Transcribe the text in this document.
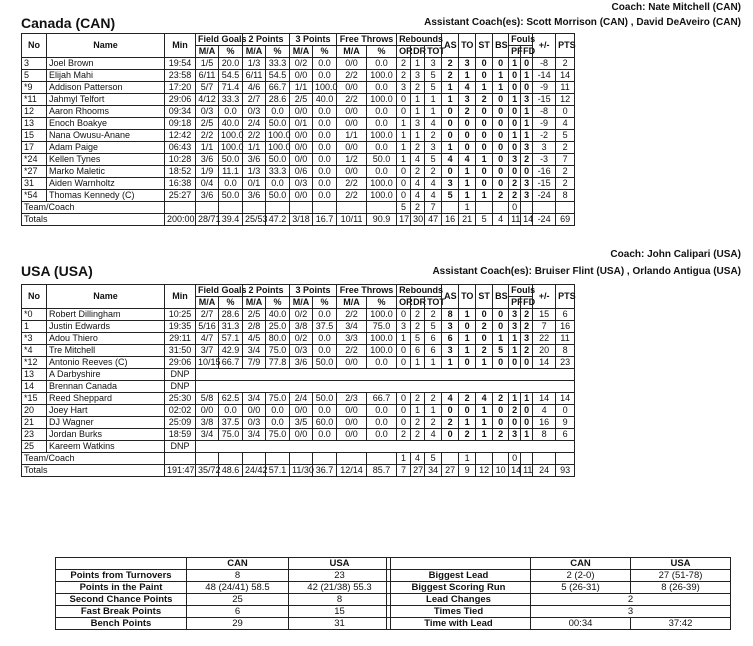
Canada (CAN)
Coach: Nate Mitchell (CAN)
Assistant Coach(es): Scott Morrison (CAN) , David DeAveiro (CAN)
No	Name	Min	Field Goals		2 Points		3 Points		Free Throws		Rebounds			AS	TO	ST	BS	Fouls		+/-	PTS
			M/A	%	M/A	%	M/A	%	M/A	%	OR	DR	TOT					PF	FD		
3	Joel Brown	19:54	1/5	20.0	1/3	33.3	0/2	0.0	0/0	0.0	2	1	3	2	3	0	0	1	0	-8	2
5	Elijah Mahi	23:58	6/11	54.5	6/11	54.5	0/0	0.0	2/2	100.0	2	3	5	2	1	0	1	0	1	-14	14
*9	Addison Patterson	17:20	5/7	71.4	4/6	66.7	1/1	100.0	0/0	0.0	3	2	5	1	4	1	1	0	0	-9	11
*11	Jahmyl Telfort	29:06	4/12	33.3	2/7	28.6	2/5	40.0	2/2	100.0	0	1	1	1	3	2	0	1	3	-15	12
12	Aaron Rhooms	09:34	0/3	0.0	0/3	0.0	0/0	0.0	0/0	0.0	0	1	1	0	2	0	0	0	1	-8	0
13	Enoch Boakye	09:18	2/5	40.0	2/4	50.0	0/1	0.0	0/0	0.0	1	3	4	0	0	0	0	0	1	-9	4
15	Nana Owusu-Anane	12:42	2/2	100.0	2/2	100.0	0/0	0.0	1/1	100.0	1	1	2	0	0	0	0	1	1	-2	5
17	Adam Paige	06:43	1/1	100.0	1/1	100.0	0/0	0.0	0/0	0.0	1	2	3	1	0	0	0	0	3	3	2
*24	Kellen Tynes	10:28	3/6	50.0	3/6	50.0	0/0	0.0	1/2	50.0	1	4	5	4	4	1	0	3	2	-3	7
*27	Marko Maletic	18:52	1/9	11.1	1/3	33.3	0/6	0.0	0/0	0.0	0	2	2	0	1	0	0	0	0	-16	2
31	Aiden Warnholtz	16:38	0/4	0.0	0/1	0.0	0/3	0.0	2/2	100.0	0	4	4	3	1	0	0	2	3	-15	2
*54	Thomas Kennedy (C)	25:27	3/6	50.0	3/6	50.0	0/0	0.0	2/2	100.0	0	4	4	5	1	1	2	2	3	-24	8
Team/Coach											5	2	7		1			0			
Totals		200:00	28/71	39.4	25/53	47.2	3/18	16.7	10/11	90.9	17	30	47	16	21	5	4	11	14	-24	69
USA (USA)
Coach: John Calipari (USA)
Assistant Coach(es): Bruiser Flint (USA) , Orlando Antigua (USA)
No	Name	Min	Field Goals		2 Points		3 Points		Free Throws		Rebounds			AS	TO	ST	BS	Fouls		+/-	PTS
			M/A	%	M/A	%	M/A	%	M/A	%	OR	DR	TOT					PF	FD		
*0	Robert Dillingham	10:25	2/7	28.6	2/5	40.0	0/2	0.0	2/2	100.0	0	2	2	8	1	0	0	3	2	15	6
1	Justin Edwards	19:35	5/16	31.3	2/8	25.0	3/8	37.5	3/4	75.0	3	2	5	3	0	2	0	3	2	7	16
*3	Adou Thiero	29:11	4/7	57.1	4/5	80.0	0/2	0.0	3/3	100.0	1	5	6	6	1	0	1	1	3	22	11
*4	Tre Mitchell	31:50	3/7	42.9	3/4	75.0	0/3	0.0	2/2	100.0	0	6	6	3	1	2	5	1	2	20	8
*12	Antonio Reeves (C)	29:06	10/15	66.7	7/9	77.8	3/6	50.0	0/0	0.0	0	1	1	1	0	1	0	0	0	14	23
13	A Darbyshire	DNP																			
14	Brennan Canada	DNP																			
*15	Reed Sheppard	25:30	5/8	62.5	3/4	75.0	2/4	50.0	2/3	66.7	0	2	2	4	2	4	2	1	1	14	14
20	Joey Hart	02:02	0/0	0.0	0/0	0.0	0/0	0.0	0/0	0.0	0	1	1	0	0	1	0	2	0	4	0
21	DJ Wagner	25:09	3/8	37.5	0/3	0.0	3/5	60.0	0/0	0.0	0	2	2	2	1	1	0	0	0	16	9
23	Jordan Burks	18:59	3/4	75.0	3/4	75.0	0/0	0.0	0/0	0.0	2	2	4	0	2	1	2	3	1	8	6
25	Kareem Watkins	DNP																			
Team/Coach											1	4	5		1			0			
Totals		191:47	35/72	48.6	24/42	57.1	11/30	36.7	12/14	85.7	7	27	34	27	9	12	10	14	11	24	93
	CAN	USA
Points from Turnovers	8	23
Points in the Paint	48 (24/41) 58.5	42 (21/38) 55.3
Second Chance Points	25	8
Fast Break Points	6	15
Bench Points	29	31
	CAN	USA
Biggest Lead	2 (2-0)	27 (51-78)
Biggest Scoring Run	5 (26-31)	8 (26-39)
Lead Changes	2	
Times Tied	3	
Time with Lead	00:34	37:42
